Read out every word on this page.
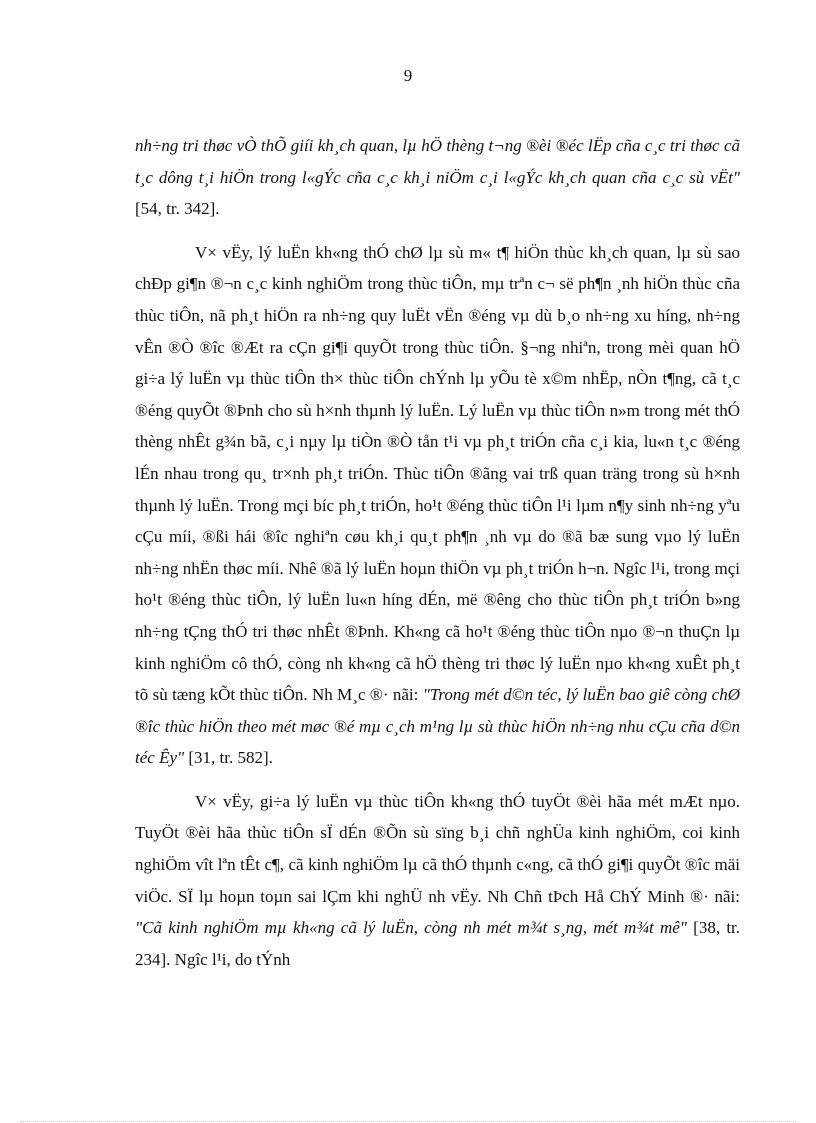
9

nh÷ng tri thøc vÒ thÕ giíi kh¸ch quan, lµ hÖ thèng t¬ng ®èi ®éc lËp cña c¸c tri thøc cã t¸c dông t¸i hiÖn trong l«gÝc cña c¸c kh¸i niÖm c¸i l«gÝc kh¸ch quan cña c¸c sù vËt" [54, tr. 342].

V× vËy, lý luËn kh«ng thÓ chØ lµ sù m« t¶ hiÖn thùc kh¸ch quan, lµ sù sao chÐp gi¶n ®¬n c¸c kinh nghiÖm trong thùc tiÔn, mµ trªn c¬ së ph¶n ¸nh hiÖn thùc cña thùc tiÔn, nã ph¸t hiÖn ra nh÷ng quy luËt vËn ®éng vµ dù b¸o nh÷ng xu híng, nh÷ng vÊn ®Ò ®îc ®Æt ra cÇn gi¶i quyÕt trong thùc tiÔn. §¬ng nhiªn, trong mèi quan hÖ gi÷a lý luËn vµ thùc tiÔn th× thùc tiÔn chÝnh lµ yÕu tè x©m nhËp, nÒn t¶ng, cã t¸c ®éng quyÕt ®Þnh cho sù h×nh thµnh lý luËn. Lý luËn vµ thùc tiÔn n»m trong mét thÓ thèng nhÊt g¾n bã, c¸i nµy lµ tiÒn ®Ò tån t¹i vµ ph¸t triÓn cña c¸i kia, lu«n t¸c ®éng lÉn nhau trong qu¸ tr×nh ph¸t triÓn. Thùc tiÔn ®ãng vai trß quan träng trong sù h×nh thµnh lý luËn. Trong mçi bíc ph¸t triÓn, ho¹t ®éng thùc tiÔn l¹i lµm n¶y sinh nh÷ng yªu cÇu míi, ®ßi hái ®îc nghiªn cøu kh¸i qu¸t ph¶n ¸nh vµ do ®ã bæ sung vµo lý luËn nh÷ng nhËn thøc míi. Nhê ®ã lý luËn hoµn thiÖn vµ ph¸t triÓn h¬n. Ngîc l¹i, trong mçi ho¹t ®éng thùc tiÔn, lý luËn lu«n híng dÉn, më ®êng cho thùc tiÔn ph¸t triÓn b»ng nh÷ng tÇng thÓ tri thøc nhÊt ®Þnh. Kh«ng cã ho¹t ®éng thùc tiÔn nµo ®¬n thuÇn lµ kinh nghiÖm cô thÓ, còng nh kh«ng cã hÖ thèng tri thøc lý luËn nµo kh«ng xuÊt ph¸t tõ sù tæng kÕt thùc tiÔn. Nh M¸c ®· nãi: "Trong mét d©n téc, lý luËn bao giê còng chØ ®îc thùc hiÖn theo mét møc ®é mµ c¸ch m¹ng lµ sù thùc hiÖn nh÷ng nhu cÇu cña d©n téc Êy" [31, tr. 582].

V× vËy, gi÷a lý luËn vµ thùc tiÔn kh«ng thÓ tuyÖt ®èi hãa mét mÆt nµo. TuyÖt ®èi hãa thùc tiÔn sÏ dÉn ®Õn sù sïng b¸i chñ nghÜa kinh nghiÖm, coi kinh nghiÖm vît lªn tÊt c¶, cã kinh nghiÖm lµ cã thÓ thµnh c«ng, cã thÓ gi¶i quyÕt ®îc mäi viÖc. SÏ lµ hoµn toµn sai lÇm khi nghÜ nh vËy. Nh Chñ tÞch Hå ChÝ Minh ®· nãi: "Cã kinh nghiÖm mµ kh«ng cã lý luËn, còng nh mét m¾t s¸ng, mét m¾t mê" [38, tr. 234]. Ngîc l¹i, do tÝnh
